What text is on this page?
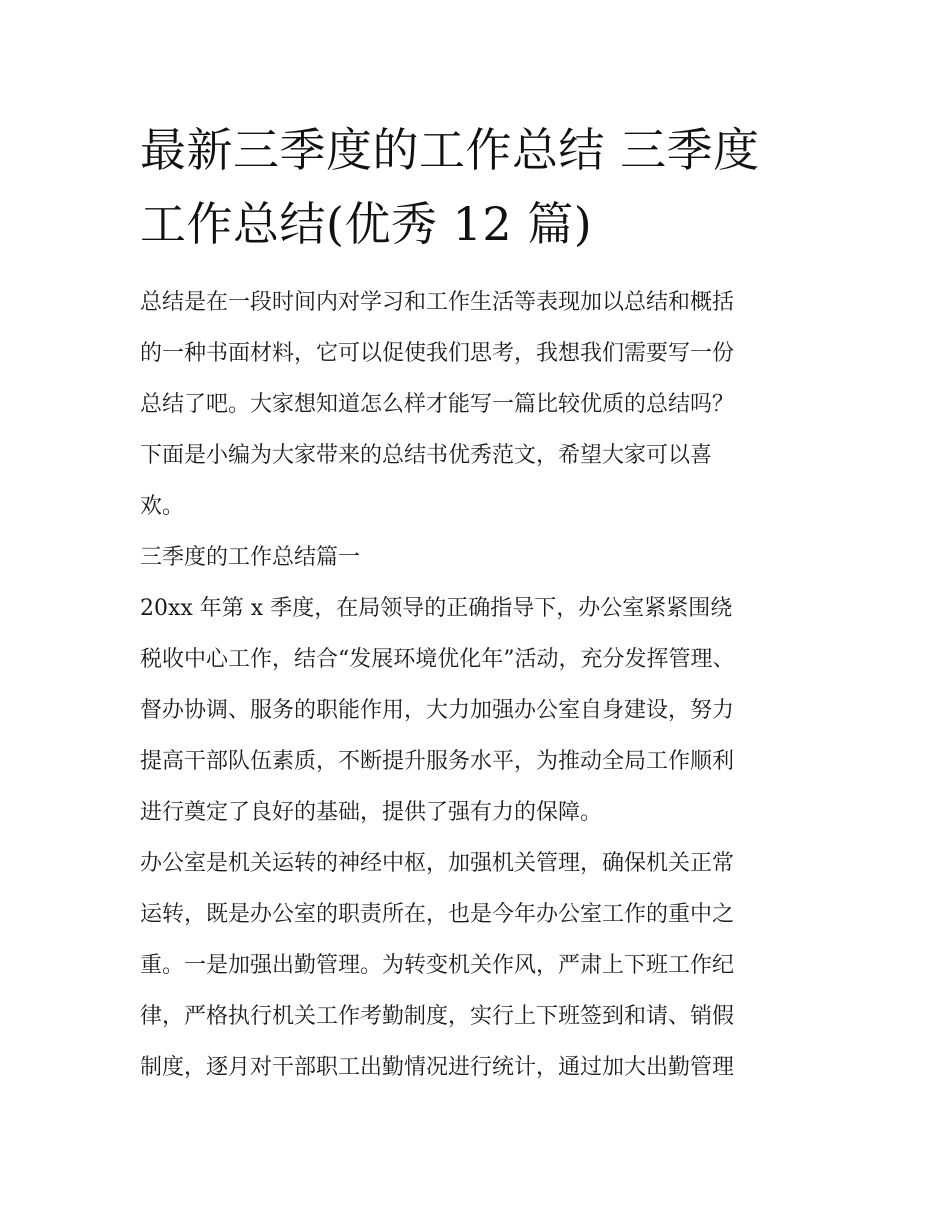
最新三季度的工作总结 三季度
工作总结(优秀 12 篇)
总结是在一段时间内对学习和工作生活等表现加以总结和概括
的一种书面材料，它可以促使我们思考，我想我们需要写一份
总结了吧。大家想知道怎么样才能写一篇比较优质的总结吗？
下面是小编为大家带来的总结书优秀范文，希望大家可以喜
欢。
三季度的工作总结篇一
20xx 年第 x 季度，在局领导的正确指导下，办公室紧紧围绕
税收中心工作，结合“发展环境优化年”活动，充分发挥管理、
督办协调、服务的职能作用，大力加强办公室自身建设，努力
提高干部队伍素质，不断提升服务水平，为推动全局工作顺利
进行奠定了良好的基础，提供了强有力的保障。
办公室是机关运转的神经中枢，加强机关管理，确保机关正常
运转，既是办公室的职责所在，也是今年办公室工作的重中之
重。一是加强出勤管理。为转变机关作风，严肃上下班工作纪
律，严格执行机关工作考勤制度，实行上下班签到和请、销假
制度，逐月对干部职工出勤情况进行统计，通过加大出勤管理
